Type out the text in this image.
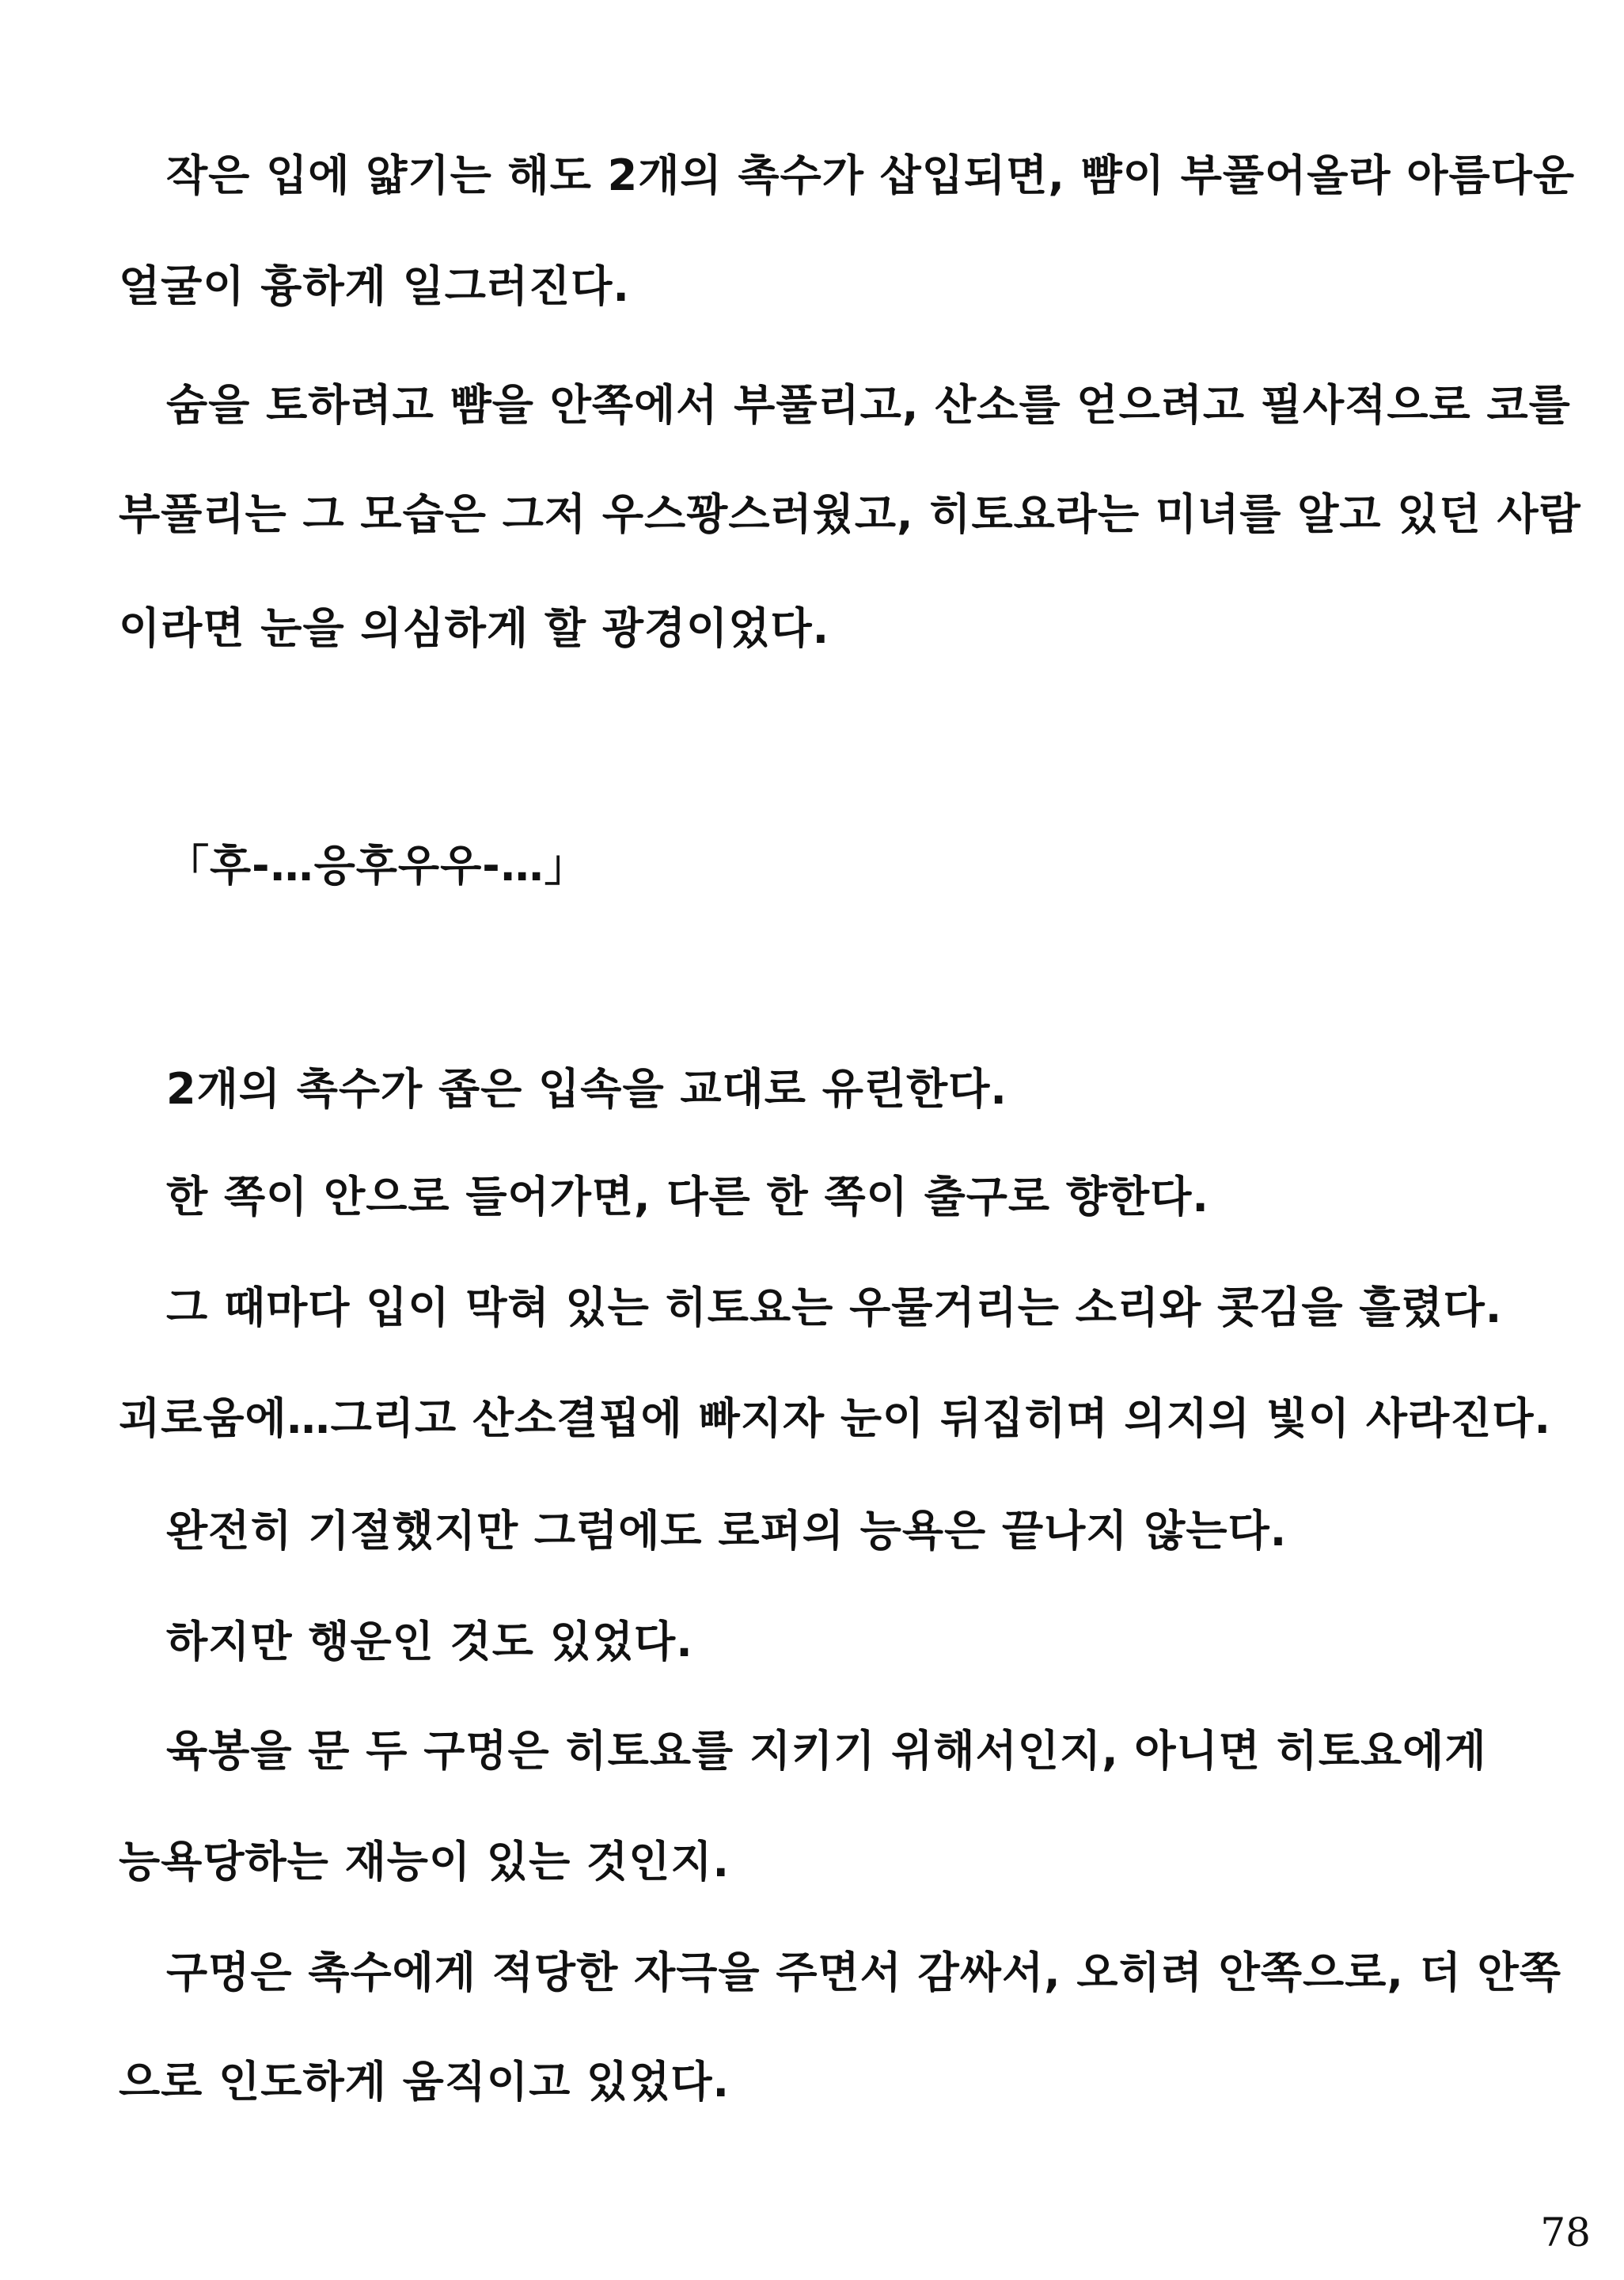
작은 입에 얇기는 해도 2개의 촉수가 삽입되면, 뺨이 부풀어올라 아름다운
얼굴이 흉하게 일그러진다.
숨을 토하려고 뺨을 안쪽에서 부풀리고, 산소를 얻으려고 필사적으로 코를
부풀리는 그 모습은 그저 우스꽝스러웠고, 히토요라는 미녀를 알고 있던 사람
이라면 눈을 의심하게 할 광경이었다.
「후-…응후우우-…」
2개의 촉수가 좁은 입속을 교대로 유린한다.
한 쪽이 안으로 들어가면, 다른 한 쪽이 출구로 향한다.
그 때마다 입이 막혀 있는 히토요는 우물거리는 소리와 콧김을 흘렸다.
괴로움에…그리고 산소결핍에 빠지자 눈이 뒤집히며 의지의 빛이 사라진다.
완전히 기절했지만 그럼에도 로퍼의 능욕은 끝나지 않는다.
하지만 행운인 것도 있었다.
육봉을 문 두 구멍은 히토요를 지키기 위해서인지, 아니면 히토요에게
능욕당하는 재능이 있는 것인지.
구멍은 촉수에게 적당한 자극을 주면서 감싸서, 오히려 안쪽으로, 더 안쪽
으로 인도하게 움직이고 있었다.
78
